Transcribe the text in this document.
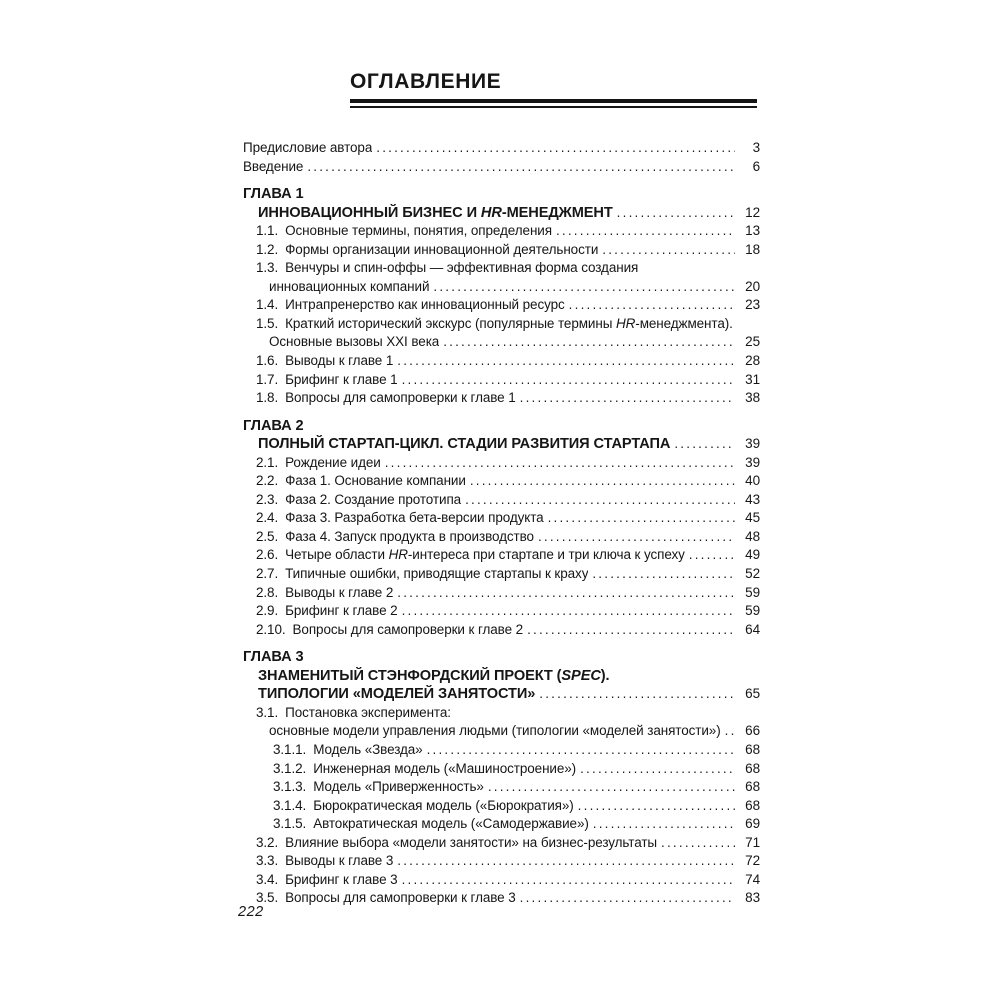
ОГЛАВЛЕНИЕ
Предисловие автора .....	3
Введение .....	6
ГЛАВА 1
ИННОВАЦИОННЫЙ БИЗНЕС И HR-МЕНЕДЖМЕНТ .....	12
1.1. Основные термины, понятия, определения .....	13
1.2. Формы организации инновационной деятельности .....	18
1.3. Венчуры и спин-оффы — эффективная форма создания
инновационных компаний .....	20
1.4. Интрапренерство как инновационный ресурс .....	23
1.5. Краткий исторический экскурс (популярные термины HR-менеджмента).
Основные вызовы XXI века .....	25
1.6. Выводы к главе 1 .....	28
1.7. Брифинг к главе 1 .....	31
1.8. Вопросы для самопроверки к главе 1 .....	38
ГЛАВА 2
ПОЛНЫЙ СТАРТАП-ЦИКЛ. СТАДИИ РАЗВИТИЯ СТАРТАПА .....	39
2.1. Рождение идеи .....	39
2.2. Фаза 1. Основание компании .....	40
2.3. Фаза 2. Создание прототипа .....	43
2.4. Фаза 3. Разработка бета-версии продукта .....	45
2.5. Фаза 4. Запуск продукта в производство .....	48
2.6. Четыре области HR-интереса при стартапе и три ключа к успеху .....	49
2.7. Типичные ошибки, приводящие стартапы к краху .....	52
2.8. Выводы к главе 2 .....	59
2.9. Брифинг к главе 2 .....	59
2.10. Вопросы для самопроверки к главе 2 .....	64
ГЛАВА 3
ЗНАМЕНИТЫЙ СТЭНФОРДСКИЙ ПРОЕКТ (SPEC).
ТИПОЛОГИИ «МОДЕЛЕЙ ЗАНЯТОСТИ» .....	65
3.1. Постановка эксперимента:
основные модели управления людьми (типологии «моделей занятости») .....	66
3.1.1. Модель «Звезда» .....	68
3.1.2. Инженерная модель («Машиностроение») .....	68
3.1.3. Модель «Приверженность» .....	68
3.1.4. Бюрократическая модель («Бюрократия») .....	68
3.1.5. Автократическая модель («Самодержавие») .....	69
3.2. Влияние выбора «модели занятости» на бизнес-результаты .....	71
3.3. Выводы к главе 3 .....	72
3.4. Брифинг к главе 3 .....	74
3.5. Вопросы для самопроверки к главе 3 .....	83
222
